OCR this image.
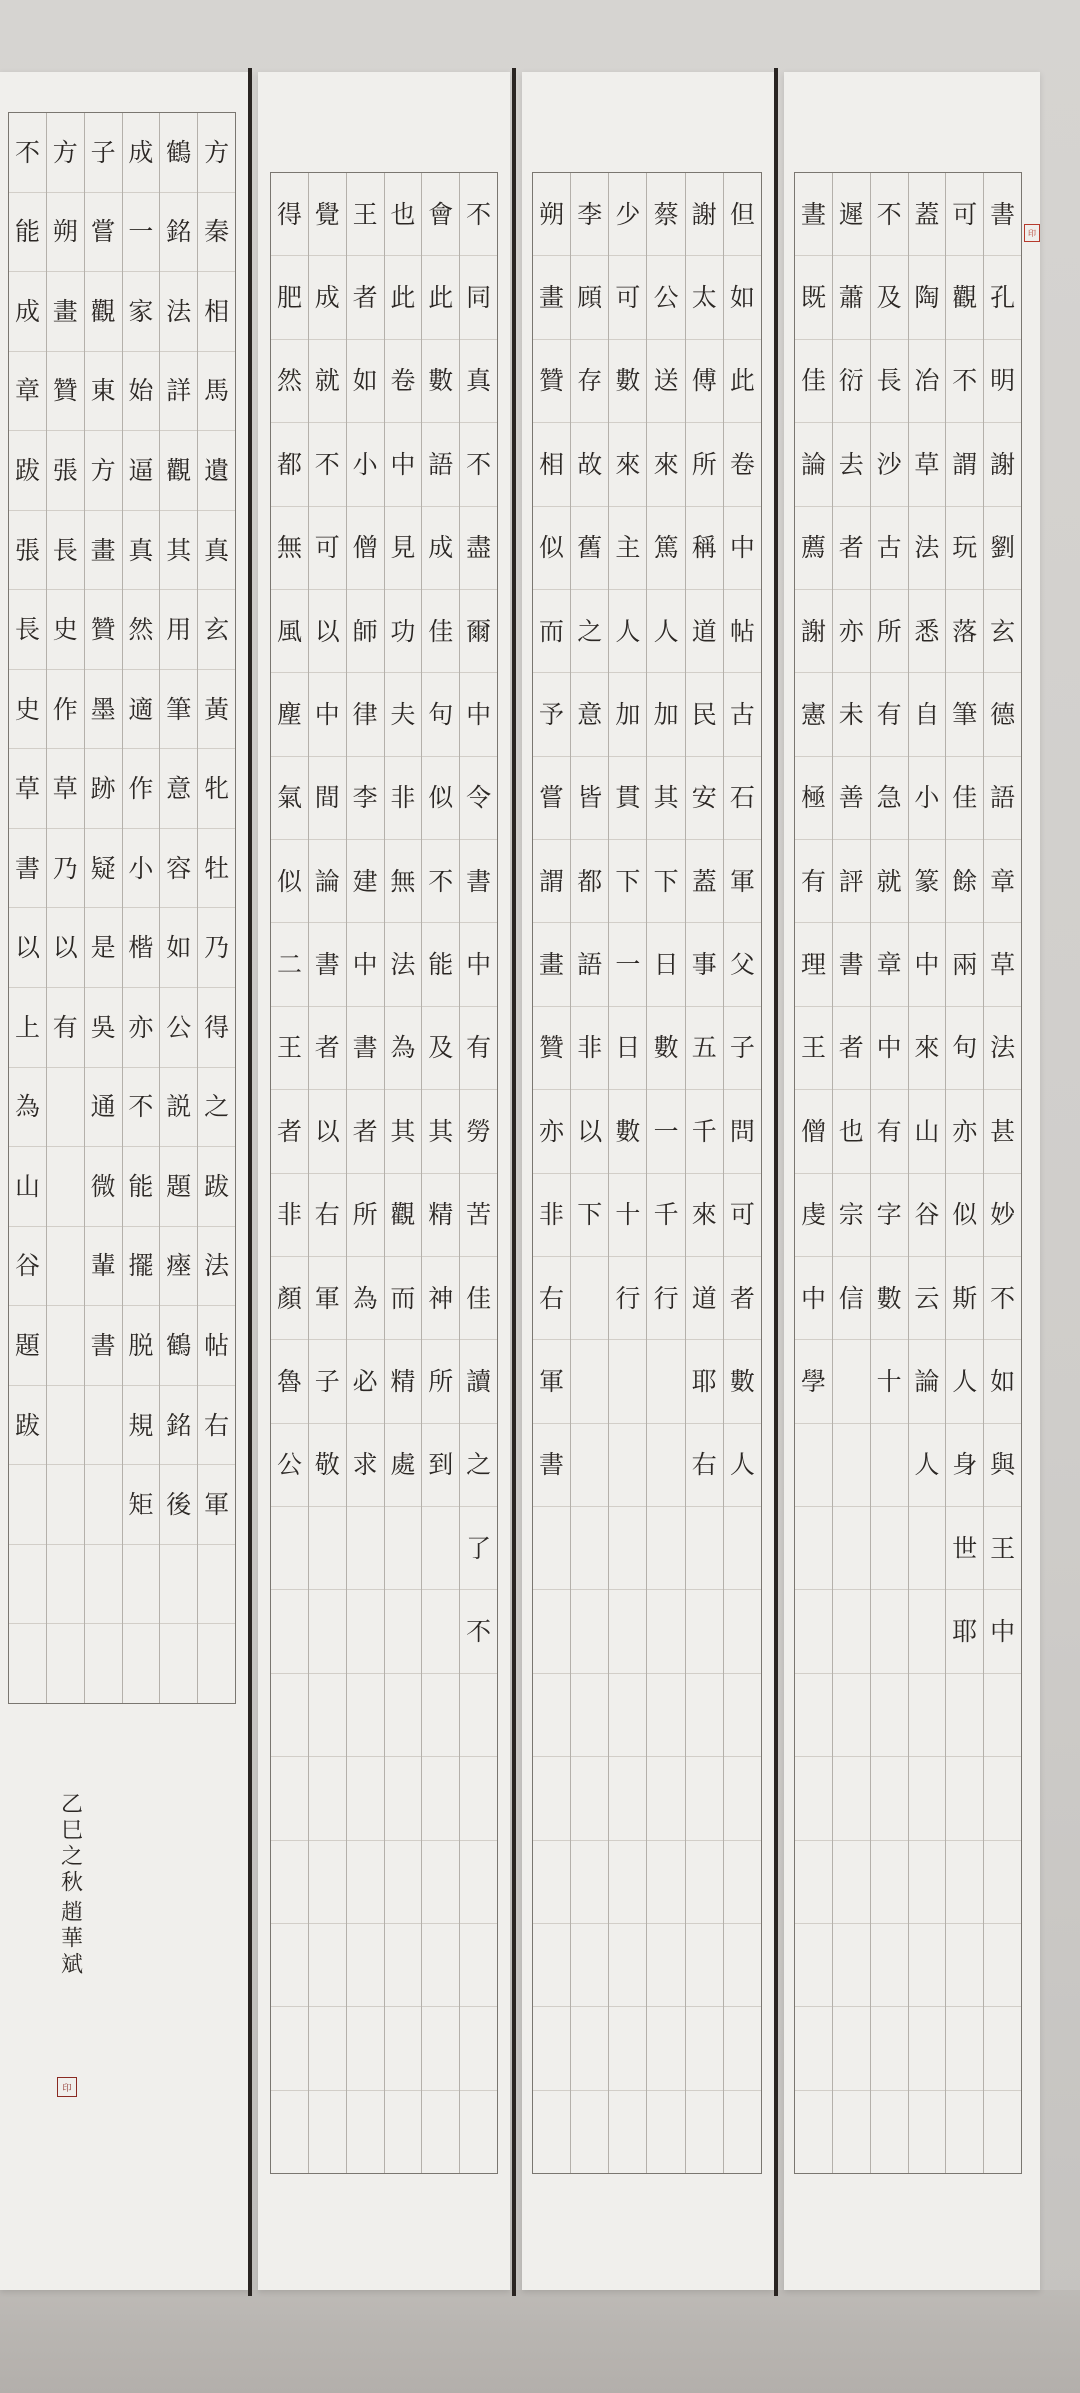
方
秦
相
馬
遺
真
玄
黃
牝
牡
乃
得
之
跋
法
帖
右
軍
鶴
銘
法
詳
觀
其
用
筆
意
容
如
公
説
題
瘞
鶴
銘
後
成
一
家
始
逼
真
然
適
作
小
楷
亦
不
能
擺
脱
規
矩
子
嘗
觀
東
方
畫
贊
墨
跡
疑
是
吳
通
微
輩
書
方
朔
畫
贊
張
長
史
作
草
乃
以
有
不
能
成
章
跋
張
長
史
草
書
以
上
為
山
谷
題
跋
乙巳之秋
趙華斌
印
不
同
真
不
盡
爾
中
令
書
中
有
勞
苦
佳
讀
之
了
不
會
此
數
語
成
佳
句
似
不
能
及
其
精
神
所
到
也
此
卷
中
見
功
夫
非
無
法
為
其
觀
而
精
處
王
者
如
小
僧
師
律
李
建
中
書
者
所
為
必
求
覺
成
就
不
可
以
中
間
論
書
者
以
右
軍
子
敬
得
肥
然
都
無
風
塵
氣
似
二
王
者
非
顏
魯
公
但
如
此
卷
中
帖
古
石
軍
父
子
問
可
者
數
人
謝
太
傅
所
稱
道
民
安
蓋
事
五
千
來
道
耶
右
蔡
公
送
來
篤
人
加
其
下
日
數
一
千
行
少
可
數
來
主
人
加
貫
下
一
日
數
十
行
李
頋
存
故
舊
之
意
皆
都
語
非
以
下
朔
畫
贊
相
似
而
予
嘗
謂
畫
贊
亦
非
右
軍
書
書
孔
明
謝
劉
玄
德
語
章
草
法
甚
妙
不
如
與
王
中
可
觀
不
謂
玩
落
筆
佳
餘
兩
句
亦
似
斯
人
身
世
耶
蓋
陶
冶
草
法
悉
自
小
篆
中
來
山
谷
云
論
人
不
及
長
沙
古
所
有
急
就
章
中
有
字
數
十
遲
蕭
衍
去
者
亦
未
善
評
書
者
也
宗
信
晝
既
佳
論
薦
謝
憲
極
有
理
王
僧
虔
中
學
印
